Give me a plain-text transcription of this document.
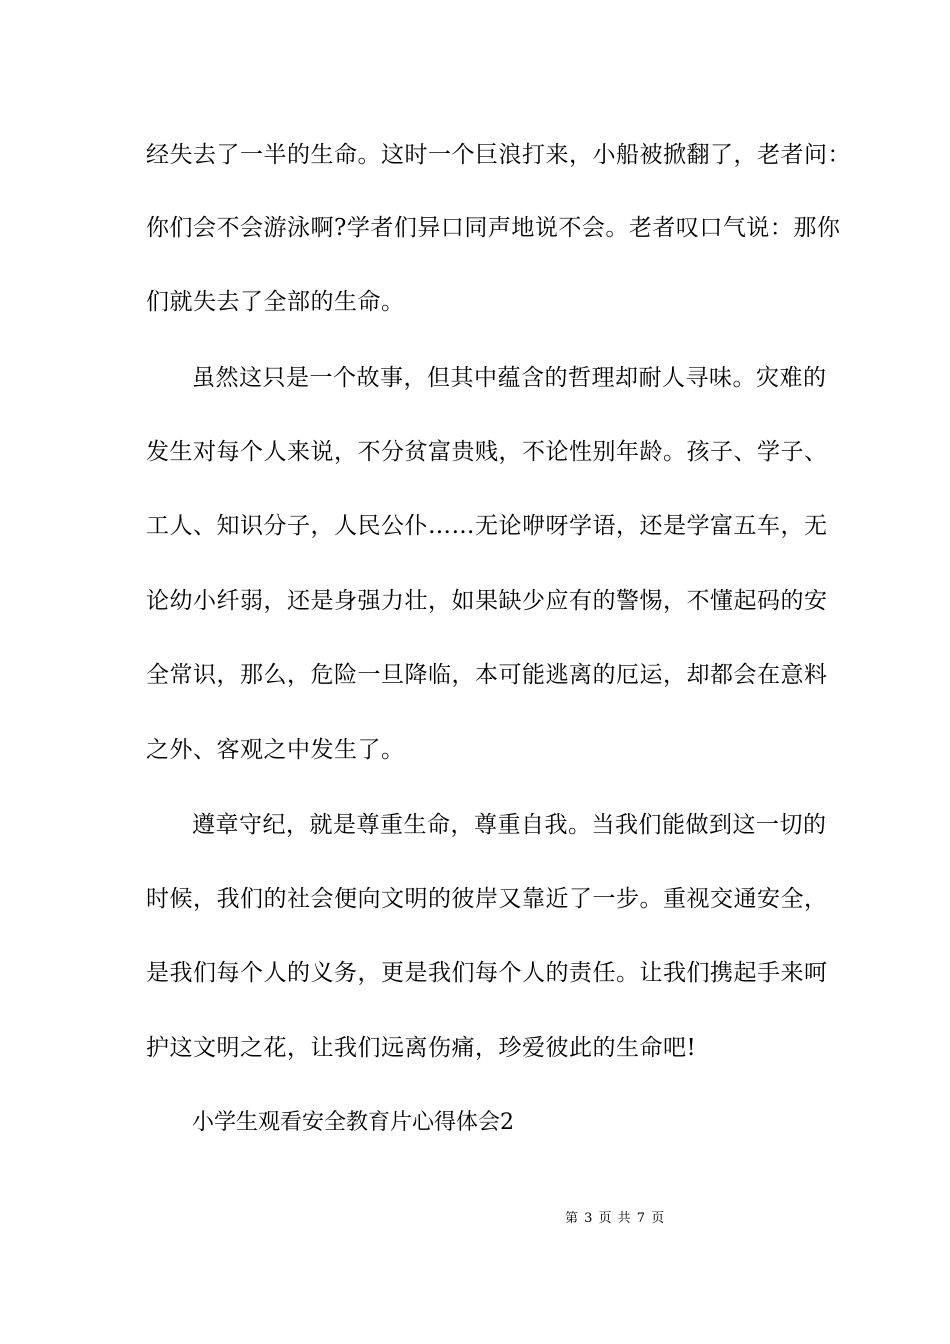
经失去了一半的生命。这时一个巨浪打来，小船被掀翻了，老者问：
你们会不会游泳啊?学者们异口同声地说不会。老者叹口气说：那你
们就失去了全部的生命。
虽然这只是一个故事，但其中蕴含的哲理却耐人寻味。灾难的
发生对每个人来说，不分贫富贵贱，不论性别年龄。孩子、学子、
工人、知识分子，人民公仆……无论咿呀学语，还是学富五车，无
论幼小纤弱，还是身强力壮，如果缺少应有的警惕，不懂起码的安
全常识，那么，危险一旦降临，本可能逃离的厄运，却都会在意料
之外、客观之中发生了。
遵章守纪，就是尊重生命，尊重自我。当我们能做到这一切的
时候，我们的社会便向文明的彼岸又靠近了一步。重视交通安全，
是我们每个人的义务，更是我们每个人的责任。让我们携起手来呵
护这文明之花，让我们远离伤痛，珍爱彼此的生命吧!
小学生观看安全教育片心得体会2
第 3 页 共 7 页
